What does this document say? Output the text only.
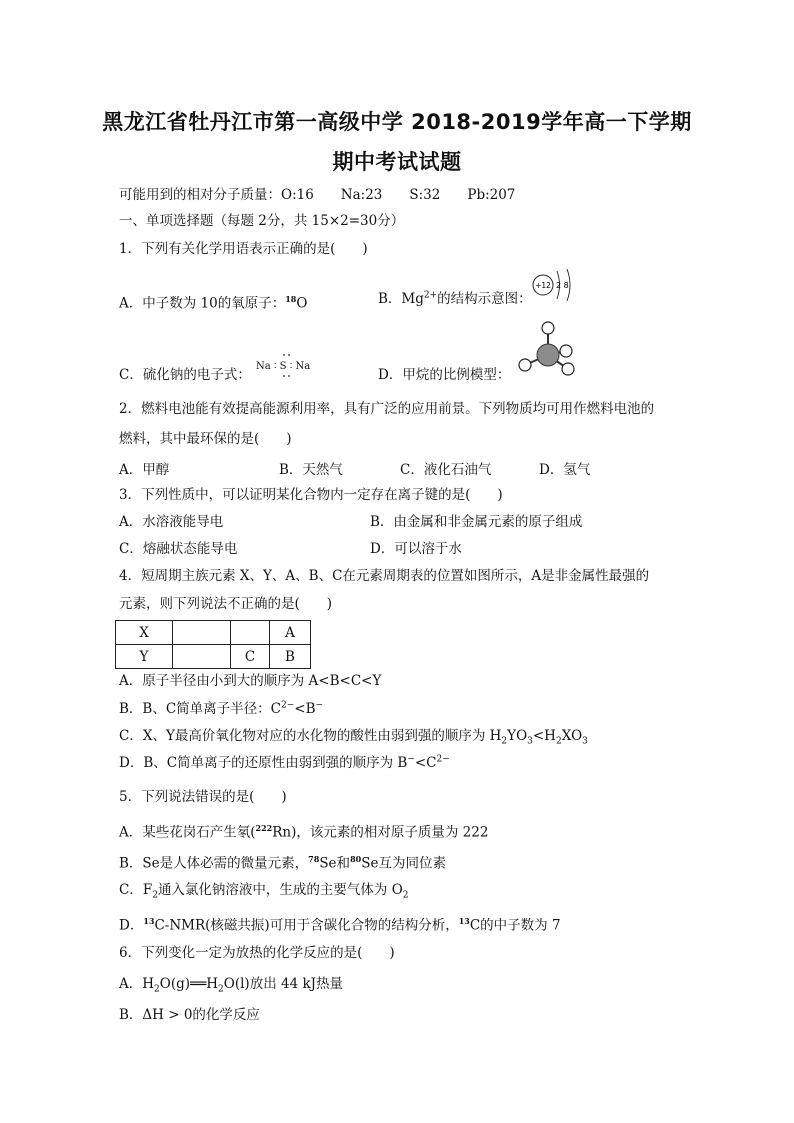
黑龙江省牡丹江市第一高级中学 2018-2019学年高一下学期
期中考试试题
可能用到的相对分子质量：O:16　　Na:23　　S:32　　Pb:207
一、单项选择题（每题 2分，共 15×2=30分）
1．下列有关化学用语表示正确的是(　　)
A．中子数为 10的氧原子：$^{18}$O	B．$Mg^{2+}$的结构示意图：
+12 2 8
C．硫化钠的电子式：
Na ∶ S ∶ Na
D．甲烷的比例模型：
2．燃料电池能有效提高能源利用率，具有广泛的应用前景。下列物质均可用作燃料电池的
燃料，其中最环保的是(　　)
A．甲醇	B．天然气	C．液化石油气	D．氢气
3．下列性质中，可以证明某化合物内一定存在离子键的是(　　)
A．水溶液能导电	B．由金属和非金属元素的原子组成
C．熔融状态能导电	D．可以溶于水
4．短周期主族元素 X、Y、A、B、C在元素周期表的位置如图所示，A是非金属性最强的
元素，则下列说法不正确的是(　　)
X			A
Y		C	B
A．原子半径由小到大的顺序为 A<B<C<Y
B．B、C简单离子半径：$C^{2-}<B^-$
C．X、Y最高价氧化物对应的水化物的酸性由弱到强的顺序为 $H_2YO_3<H_2XO_3$
D．B、C简单离子的还原性由弱到强的顺序为 $B^-<C^{2-}$
5．下列说法错误的是(　　)
A．某些花岗石产生氡($^{222}$Rn)，该元素的相对原子质量为 222
B．Se是人体必需的微量元素，$^{78}$Se和$^{80}$Se互为同位素
C．$F_2$通入氯化钠溶液中，生成的主要气体为 $O_2$
D．$^{13}$C-NMR(核磁共振)可用于含碳化合物的结构分析，$^{13}$C的中子数为 7
6．下列变化一定为放热的化学反应的是(　　)
A．$H_2O(g)══H_2O(l)$放出 44 kJ热量
B．ΔH > 0的化学反应
